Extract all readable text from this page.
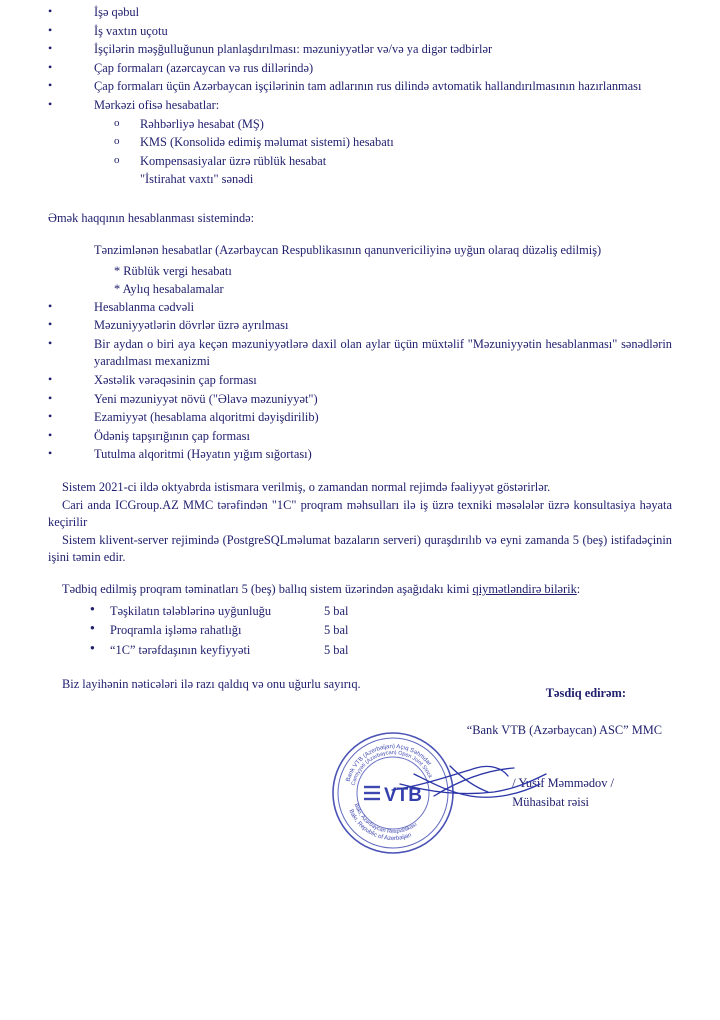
• İşə qəbul
• İş vaxtın uçotu
• İşçilərin məşğulluğunun planlaşdırılması: məzuniyyətlər və/və ya digər tədbirlər
• Çap formaları (azərcaycan və rus dillərində)
• Çap formaları üçün Azərbaycan işçilərinin tam adlarının rus dilində avtomatik hallandırılmasının hazırlanması
• Mərkəzi ofisə hesabatlar:
o Rəhbərliyə hesabat (MŞ)
o KMS (Konsolidə edimiş məlumat sistemi) hesabatı
o Kompensasiyalar üzrə rüblük hesabat
"İstirahat vaxtı" sənədi

Əmək haqqının hesablanması sistemində:

Tənzimlənən hesabatlar (Azərbaycan Respublikasının qanunvericiliyinə uyğun olaraq düzəliş edilmiş)

* Rüblük vergi hesabatı

* Aylıq hesabalamalar

• Hesablanma cədvəli
• Məzuniyyətlərin dövrlər üzrə ayrılması
• Bir aydan o biri aya keçən məzuniyyətlərə daxil olan aylar üçün müxtəlif "Məzuniyyətin hesablanması" sənədlərin yaradılması mexanizmi
• Xəstəlik vərəqəsinin çap forması
• Yeni məzuniyyət növü ("Əlavə məzuniyyət")
• Ezamiyyət (hesablama alqoritmi dəyişdirilib)
• Ödəniş tapşırığının çap forması
• Tutulma alqoritmi (Həyatın yığım sığortası)

Sistem 2021-ci ildə oktyabrda istismara verilmiş, o zamandan normal rejimdə fəaliyyət göstərirlər.

Cari anda ICGroup.AZ MMC tərəfindən "1C" proqram məhsulları ilə iş üzrə texniki məsələlər üzrə konsultasiya həyata keçirilir

Sistem klivent-server rejimində (PostgreSQLməlumat bazaların serveri) quraşdırılıb və eyni zamanda 5 (beş) istifadəçinin işini təmin edir.

Tədbiq edilmiş proqram təminatları 5 (beş) ballıq sistem üzərindən aşağıdakı kimi qiymətləndirə bilərik:

● Təşkilatın tələblərinə uyğunluğu	5 bal
● Proqramla işləmə rahatlığı	5 bal
● “1C” tərəfdaşının keyfiyyəti	5 bal

Biz layihənin nəticələri ilə razı qaldıq və onu uğurlu sayırıq.

Təsdiq edirəm:
“Bank VTB (Azərbaycan) ASC” MMC
/ Yusif Məmmədov /
Mühasibat rəisi
Bank VTB (Azerbaijan) Açıq Səhmdar
Cəmiyyəti (Azərbaycan) Open Joint Stock
Bakı, Republic of Azerbaijan
Bakı, Azərbaycan Respublikası
VTB
